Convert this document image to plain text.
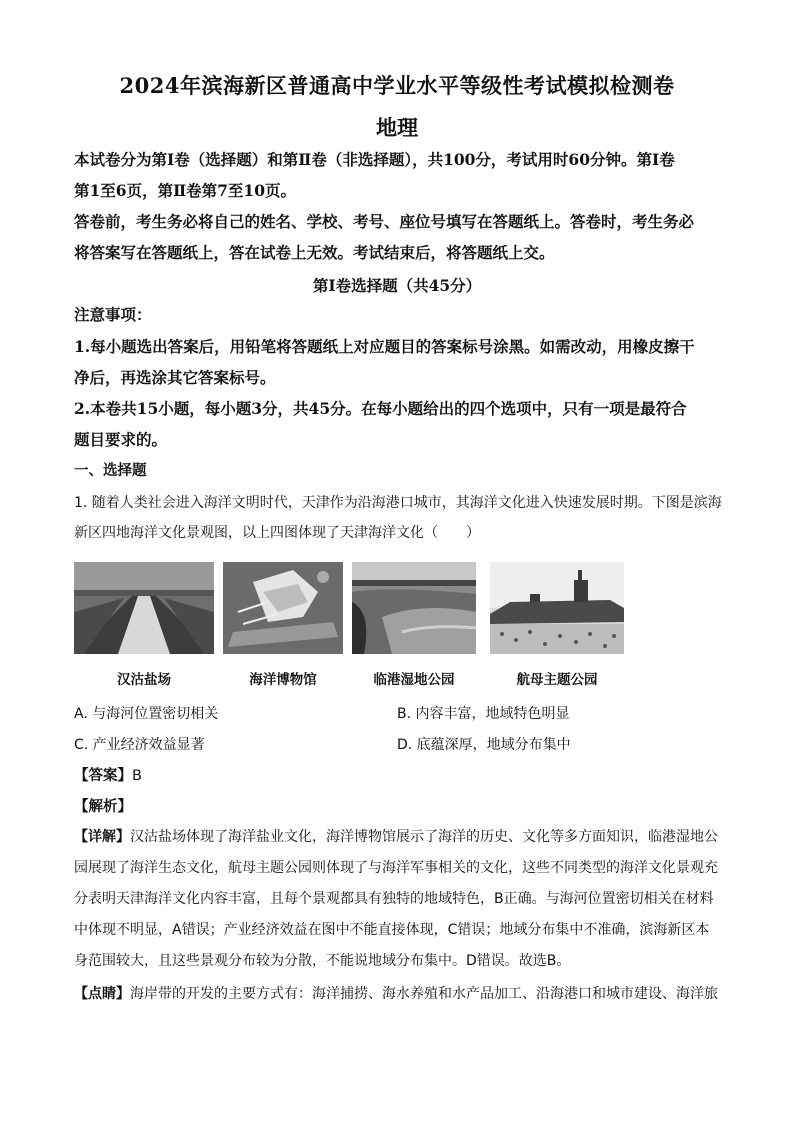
2024年滨海新区普通高中学业水平等级性考试模拟检测卷
地理
本试卷分为第Ⅰ卷（选择题）和第Ⅱ卷（非选择题），共100分，考试用时60分钟。第Ⅰ卷
第1至6页，第Ⅱ卷第7至10页。
答卷前，考生务必将自己的姓名、学校、考号、座位号填写在答题纸上。答卷时，考生务必
将答案写在答题纸上，答在试卷上无效。考试结束后，将答题纸上交。
第Ⅰ卷选择题（共45分）
注意事项：
1.每小题选出答案后，用铅笔将答题纸上对应题目的答案标号涂黑。如需改动，用橡皮擦干
净后，再选涂其它答案标号。
2.本卷共15小题，每小题3分，共45分。在每小题给出的四个选项中，只有一项是最符合
题目要求的。
一、选择题
1. 随着人类社会进入海洋文明时代，天津作为沿海港口城市，其海洋文化进入快速发展时期。下图是滨海
新区四地海洋文化景观图，以上四图体现了天津海洋文化（　　）
汉沽盐场	海洋博物馆	临港湿地公园	航母主题公园
A. 与海河位置密切相关	B. 内容丰富，地域特色明显
C. 产业经济效益显著	D. 底蕴深厚，地域分布集中
【答案】B
【解析】
【详解】汉沽盐场体现了海洋盐业文化，海洋博物馆展示了海洋的历史、文化等多方面知识，临港湿地公
园展现了海洋生态文化，航母主题公园则体现了与海洋军事相关的文化，这些不同类型的海洋文化景观充
分表明天津海洋文化内容丰富，且每个景观都具有独特的地域特色，B正确。与海河位置密切相关在材料
中体现不明显，A错误；产业经济效益在图中不能直接体现，C错误；地域分布集中不准确，滨海新区本
身范围较大，且这些景观分布较为分散，不能说地域分布集中。D错误。故选B。
【点睛】海岸带的开发的主要方式有：海洋捕捞、海水养殖和水产品加工、沿海港口和城市建设、海洋旅
